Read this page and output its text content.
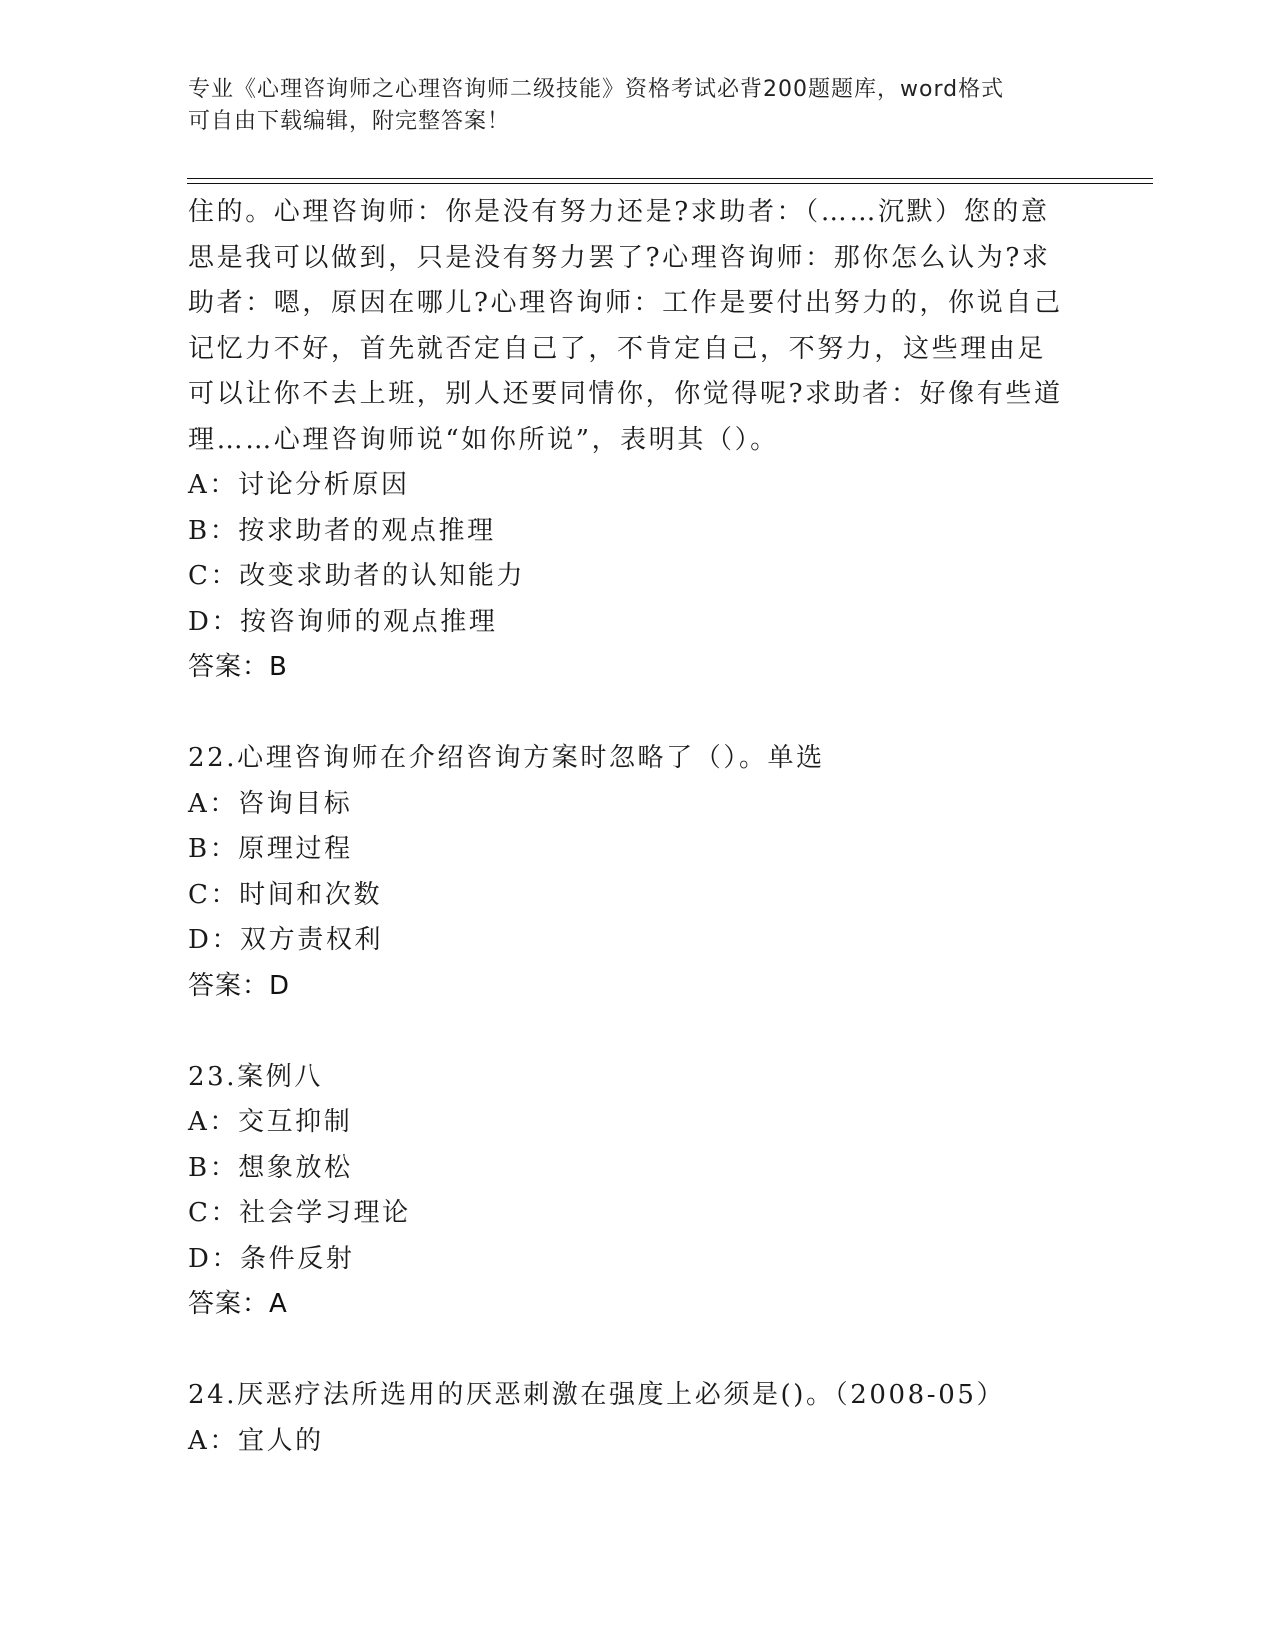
专业《心理咨询师之心理咨询师二级技能》资格考试必背200题题库，word格式
可自由下载编辑，附完整答案！
住的。心理咨询师：你是没有努力还是?求助者：（……沉默）您的意
思是我可以做到，只是没有努力罢了?心理咨询师：那你怎么认为?求
助者：嗯，原因在哪儿?心理咨询师：工作是要付出努力的，你说自己
记忆力不好，首先就否定自己了，不肯定自己，不努力，这些理由足
可以让你不去上班，别人还要同情你，你觉得呢?求助者：好像有些道
理……心理咨询师说“如你所说”，表明其（）。
A：讨论分析原因
B：按求助者的观点推理
C：改变求助者的认知能力
D：按咨询师的观点推理
答案：B
22.心理咨询师在介绍咨询方案时忽略了（）。单选
A：咨询目标
B：原理过程
C：时间和次数
D：双方责权利
答案：D
23.案例八
A：交互抑制
B：想象放松
C：社会学习理论
D：条件反射
答案：A
24.厌恶疗法所选用的厌恶刺激在强度上必须是()。（2008-05）
A：宜人的
